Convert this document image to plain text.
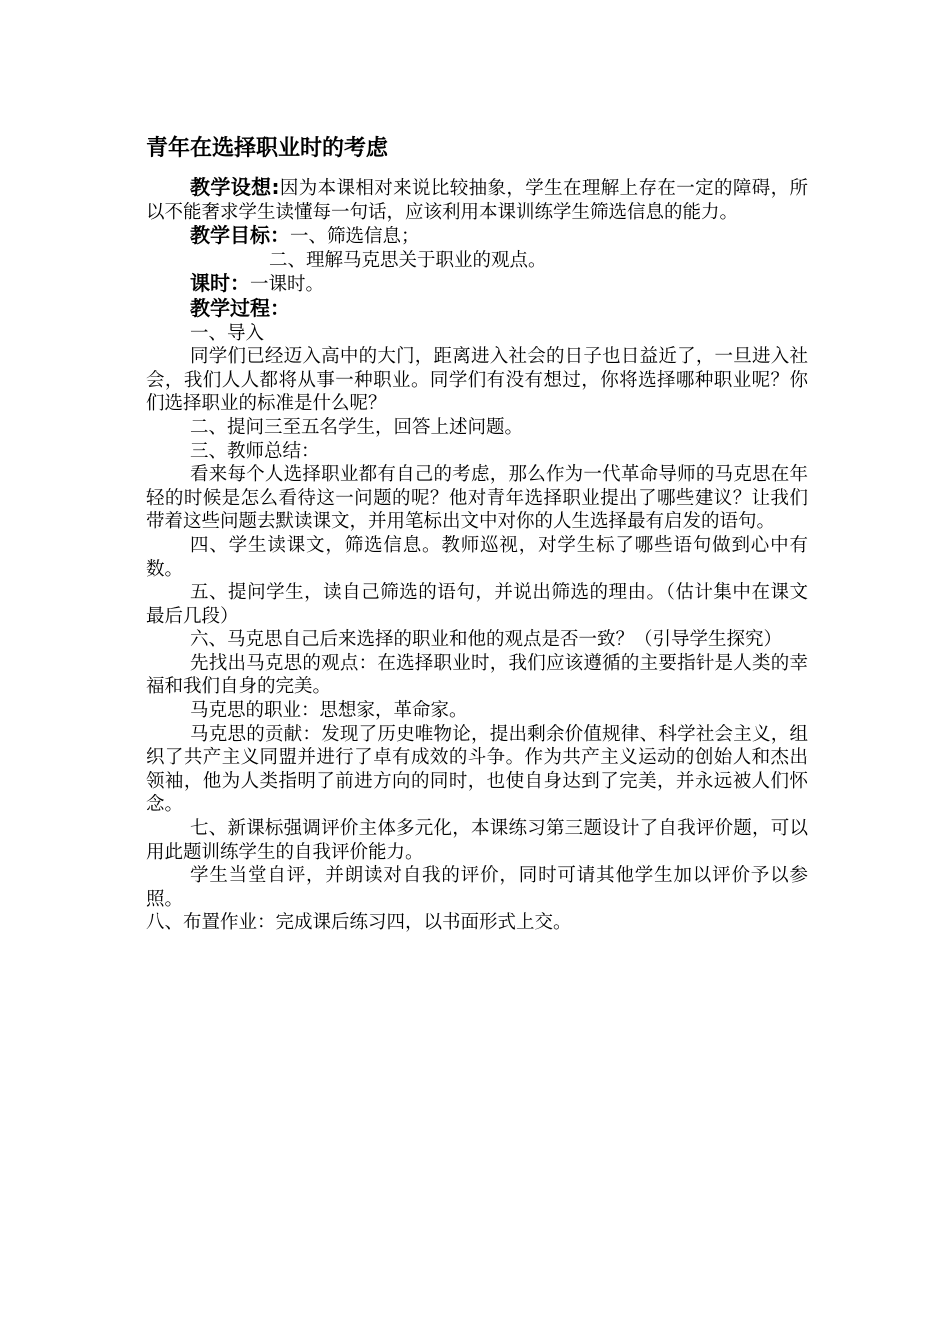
青年在选择职业时的考虑

教学设想:因为本课相对来说比较抽象，学生在理解上存在一定的障碍，所以不能奢求学生读懂每一句话，应该利用本课训练学生筛选信息的能力。

教学目标：一、筛选信息；

二、理解马克思关于职业的观点。

课时：一课时。

教学过程：

一、导入

同学们已经迈入高中的大门，距离进入社会的日子也日益近了，一旦进入社会，我们人人都将从事一种职业。同学们有没有想过，你将选择哪种职业呢？你们选择职业的标准是什么呢？

二、提问三至五名学生，回答上述问题。

三、教师总结：

看来每个人选择职业都有自己的考虑，那么作为一代革命导师的马克思在年轻的时候是怎么看待这一问题的呢？他对青年选择职业提出了哪些建议？让我们带着这些问题去默读课文，并用笔标出文中对你的人生选择最有启发的语句。

四、学生读课文，筛选信息。教师巡视，对学生标了哪些语句做到心中有数。

五、提问学生，读自己筛选的语句，并说出筛选的理由。（估计集中在课文最后几段）

六、马克思自己后来选择的职业和他的观点是否一致？（引导学生探究）

先找出马克思的观点：在选择职业时，我们应该遵循的主要指针是人类的幸福和我们自身的完美。

马克思的职业：思想家，革命家。

马克思的贡献：发现了历史唯物论，提出剩余价值规律、科学社会主义，组织了共产主义同盟并进行了卓有成效的斗争。作为共产主义运动的创始人和杰出领袖，他为人类指明了前进方向的同时，也使自身达到了完美，并永远被人们怀念。

七、新课标强调评价主体多元化，本课练习第三题设计了自我评价题，可以用此题训练学生的自我评价能力。

学生当堂自评，并朗读对自我的评价，同时可请其他学生加以评价予以参照。

八、布置作业：完成课后练习四，以书面形式上交。
